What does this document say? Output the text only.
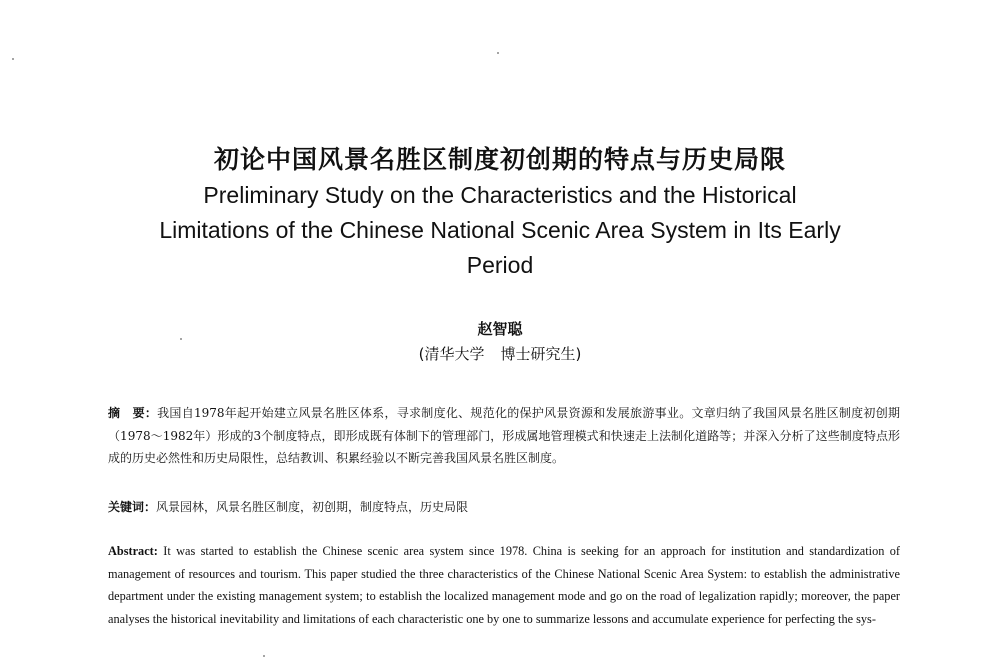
初论中国风景名胜区制度初创期的特点与历史局限
Preliminary Study on the Characteristics and the Historical Limitations of the Chinese National Scenic Area System in Its Early Period
赵智聪
(清华大学 博士研究生)
摘　要：我国自1978年起开始建立风景名胜区体系，寻求制度化、规范化的保护风景资源和发展旅游事业。文章归纳了我国风景名胜区制度初创期（1978～1982年）形成的3个制度特点，即形成既有体制下的管理部门，形成属地管理模式和快速走上法制化道路等；并深入分析了这些制度特点形成的历史必然性和历史局限性，总结教训、积累经验以不断完善我国风景名胜区制度。
关键词：风景园林，风景名胜区制度，初创期，制度特点，历史局限
Abstract: It was started to establish the Chinese scenic area system since 1978. China is seeking for an approach for institution and standardization of management of resources and tourism. This paper studied the three characteristics of the Chinese National Scenic Area System: to establish the administrative department under the existing management system; to establish the localized management mode and go on the road of legalization rapidly; moreover, the paper analyses the historical inevitability and limitations of each characteristic one by one to summarize lessons and accumulate experience for perfecting the sys-
